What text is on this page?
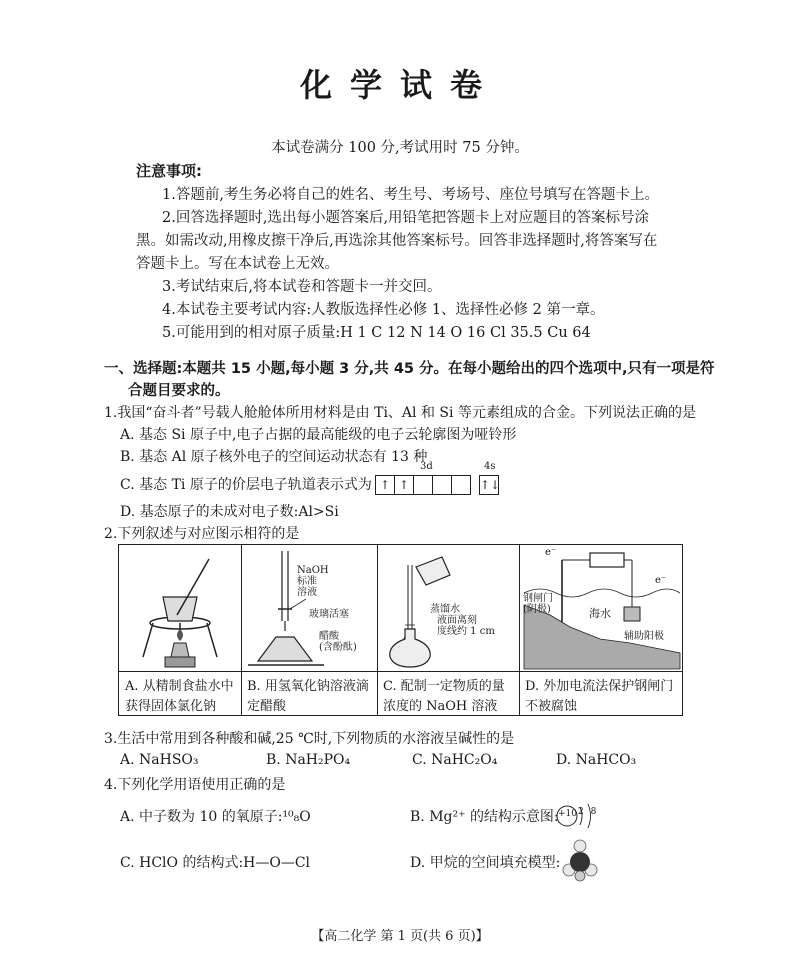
化学试卷
本试卷满分 100 分,考试用时 75 分钟。
注意事项:
1.答题前,考生务必将自己的姓名、考生号、考场号、座位号填写在答题卡上。
2.回答选择题时,选出每小题答案后,用铅笔把答题卡上对应题目的答案标号涂
黑。如需改动,用橡皮擦干净后,再选涂其他答案标号。回答非选择题时,将答案写在
答题卡上。写在本试卷上无效。
3.考试结束后,将本试卷和答题卡一并交回。
4.本试卷主要考试内容:人教版选择性必修 1、选择性必修 2 第一章。
5.可能用到的相对原子质量:H 1 C 12 N 14 O 16 Cl 35.5 Cu 64
一、选择题:本题共 15 小题,每小题 3 分,共 45 分。在每小题给出的四个选项中,只有一项是符
合题目要求的。
1.我国“奋斗者”号载人舱舱体所用材料是由 Ti、Al 和 Si 等元素组成的合金。下列说法正确的是
A. 基态 Si 原子中,电子占据的最高能级的电子云轮廓图为哑铃形
B. 基态 Al 原子核外电子的空间运动状态有 13 种
C. 基态 Ti 原子的价层电子轨道表示式为
3d	4s
↑ ↑	↑↓
D. 基态原子的未成对电子数:Al>Si
2.下列叙述与对应图示相符的是
NaOH
标准
溶液
玻璃活塞
醋酸
(含酚酞)
蒸馏水
液面离刻
度线约 1 cm
e⁻
e⁻
钢闸门
(阴极)	海水
辅助阳极
A. 从精制食盐水中
获得固体氯化钠
B. 用氢氧化钠溶液滴
定醋酸
C. 配制一定物质的量
浓度的 NaOH 溶液
D. 外加电流法保护钢闸门
不被腐蚀
3.生活中常用到各种酸和碱,25 ℃时,下列物质的水溶液呈碱性的是
A. NaHSO₃	B. NaH₂PO₄	C. NaHC₂O₄	D. NaHCO₃
4.下列化学用语使用正确的是
A. 中子数为 10 的氧原子:¹⁰₈O	B. Mg²⁺ 的结构示意图: +10 2 8
C. HClO 的结构式:H—O—Cl	D. 甲烷的空间填充模型:
【高二化学 第 1 页(共 6 页)】
